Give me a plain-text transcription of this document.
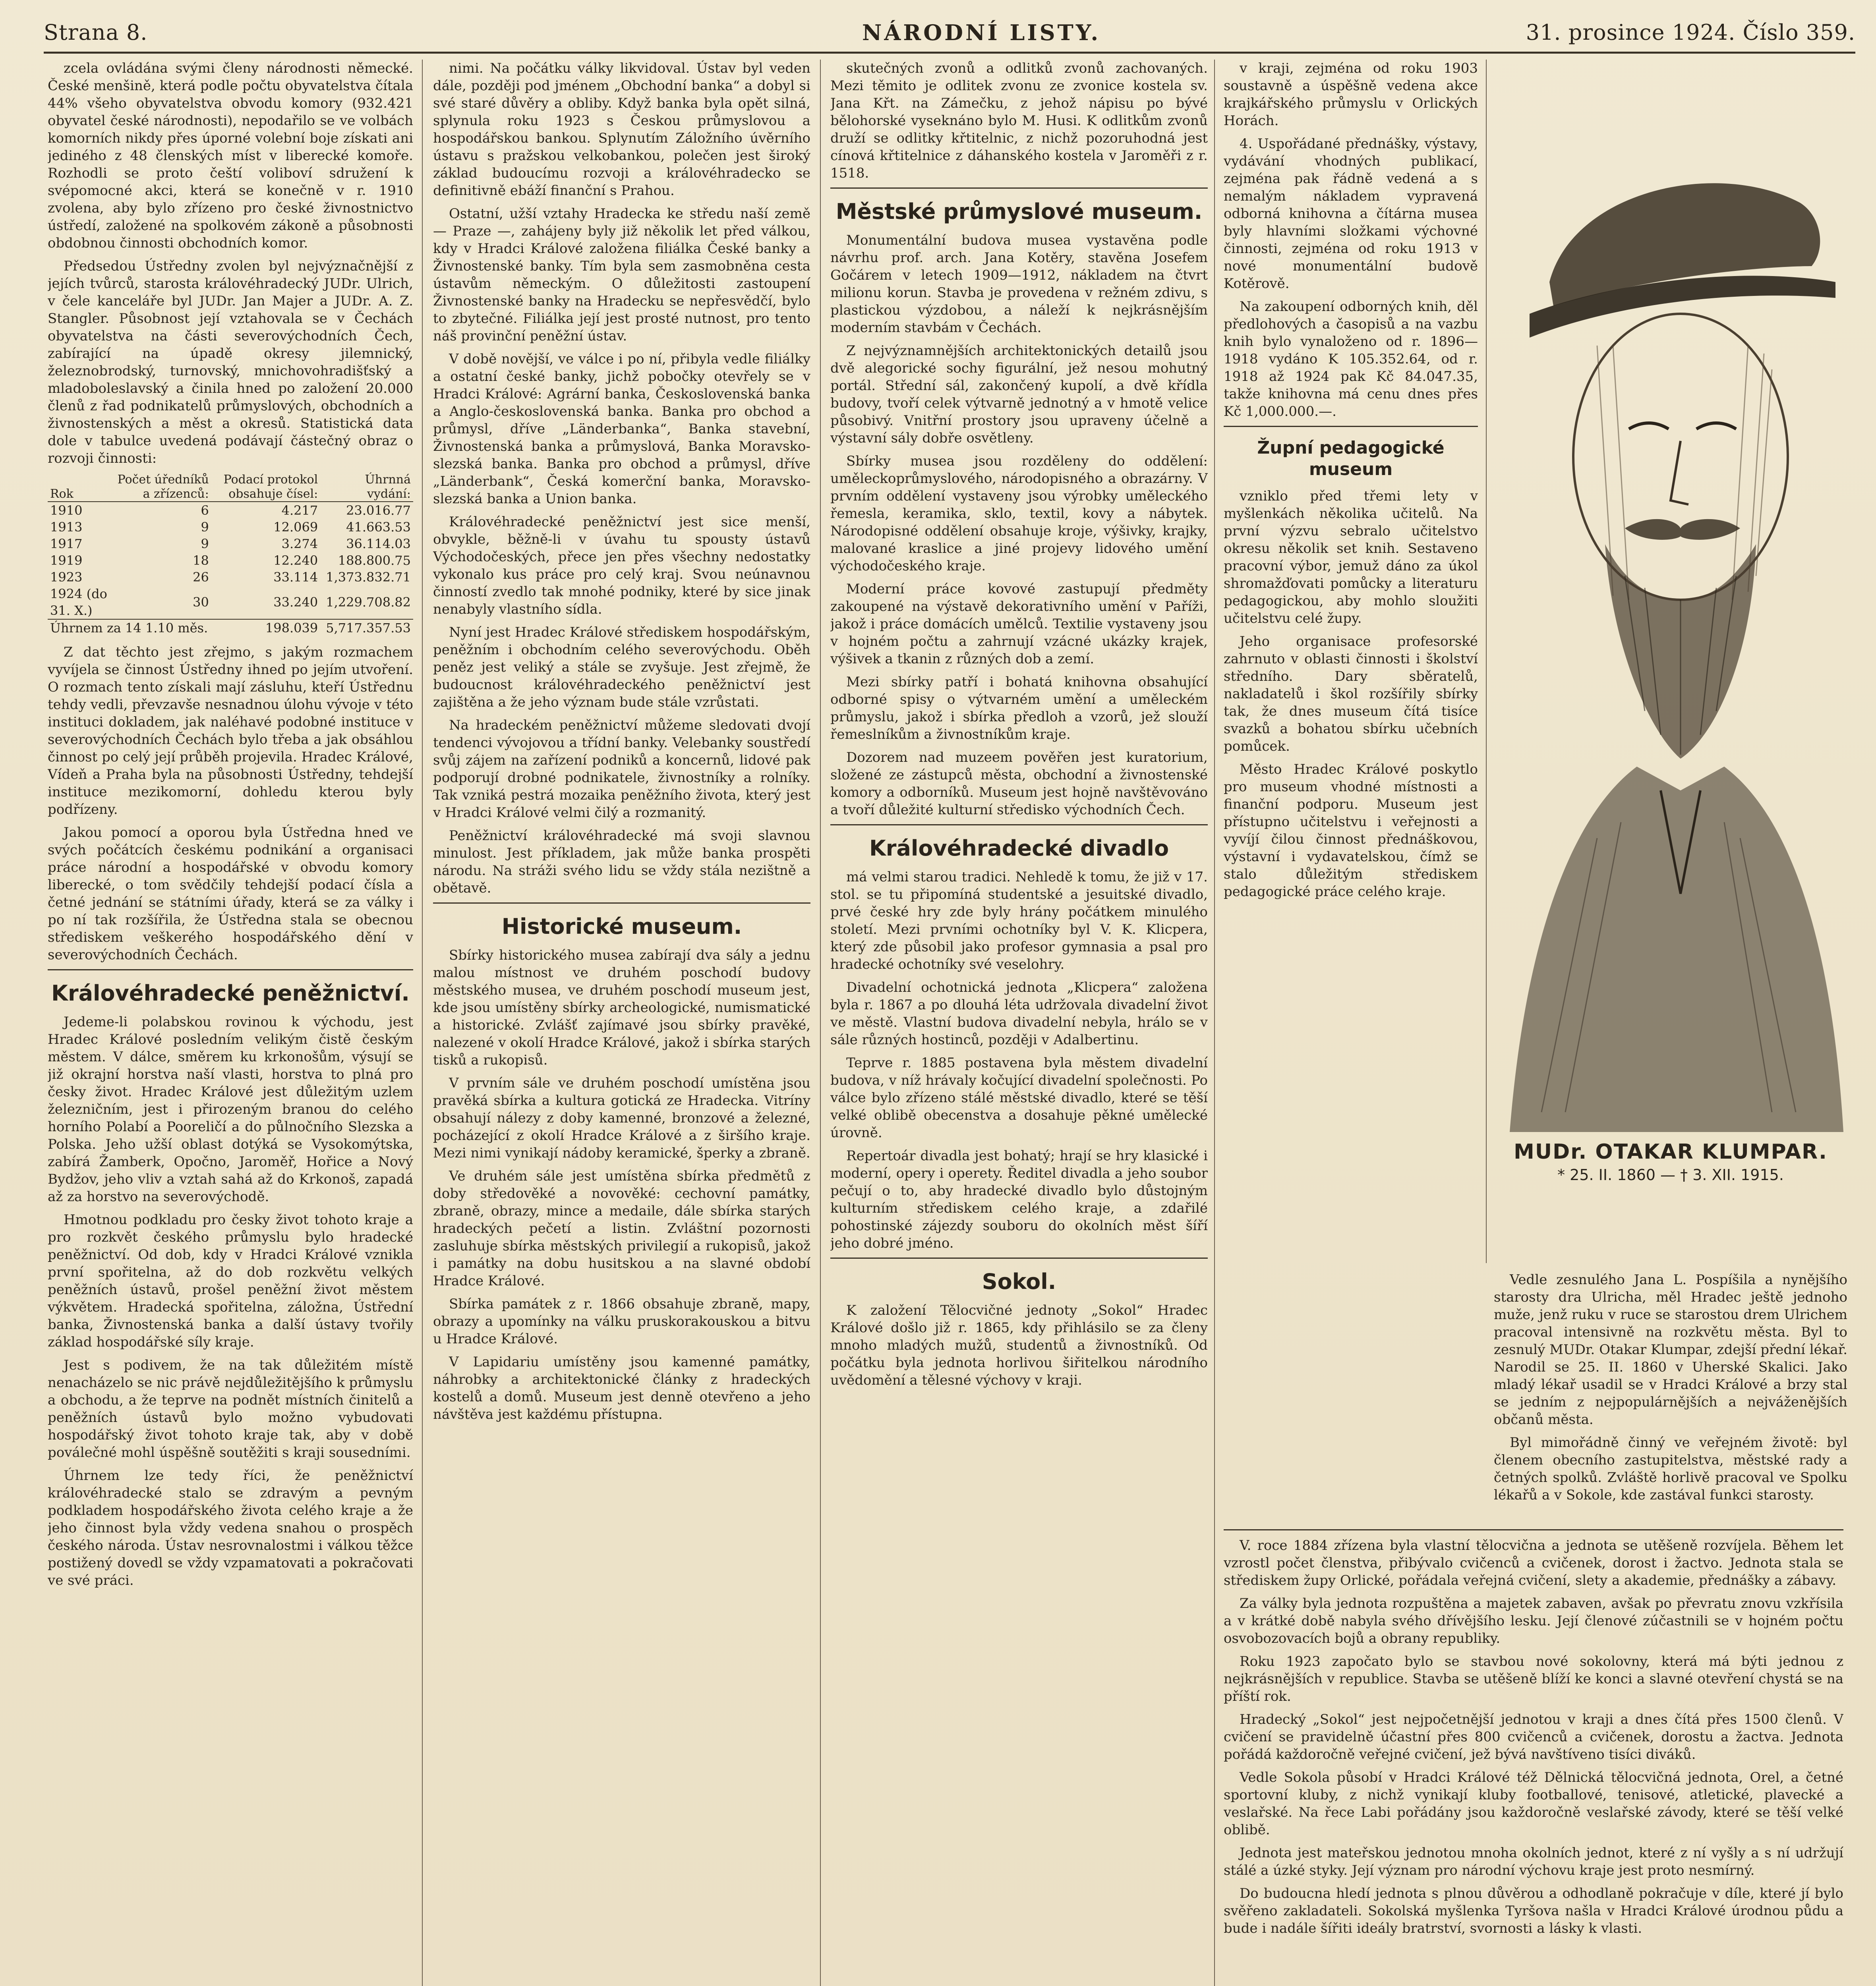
Strana 8.	NÁRODNÍ LISTY.	31. prosince 1924. Číslo 359.

zcela ovládána svými členy národnosti německé. České menšině, která podle počtu obyvatelstva čítala 44% všeho obyvatelstva obvodu komory (932.421 obyvatel české národnosti), nepodařilo se ve volbách komorních nikdy přes úporné volební boje získati ani jediného z 48 členských míst v liberecké komoře. Rozhodli se proto čeští voliboví sdružení k svépomocné akci, která se konečně v r. 1910 zvolena, aby bylo zřízeno pro české živnostnictvo ústředí, založené na spolkovém zákoně a působnosti obdobnou činnosti obchodních komor.

Předsedou Ústředny zvolen byl nejvýznačnější z jejích tvůrců, starosta královéhradecký JUDr. Ulrich, v čele kanceláře byl JUDr. Jan Majer a JUDr. A. Z. Stangler. Působnost její vztahovala se v Čechách obyvatelstva na části severovýchodních Čech, zabírající na úpadě okresy jilemnický, železnobrodský, turnovský, mnichovohradišťský a mladoboleslavský a činila hned po založení 20.000 členů z řad podnikatelů průmyslových, obchodních a živnostenských a měst a okresů. Statistická data dole v tabulce uvedená podávají částečný obraz o rozvoji činnosti:

Rok	Počet úředníků a zřízenců:	Podací protokol obsahuje čísel:	Úhrnná vydání:
1910	6	4.217	23.016.77
1913	9	12.069	41.663.53
1917	9	3.274	36.114.03
1919	18	12.240	188.800.75
1923	26	33.114	1,373.832.71
1924 (do 31. X.)	30	33.240	1,229.708.82
Úhrnem za 14 1.10 měs.		198.039	5,717.357.53

Z dat těchto jest zřejmo, s jakým rozmachem vyvíjela se činnost Ústředny ihned po jejím utvoření. O rozmach tento získali mají zásluhu, kteří Ústřednu tehdy vedli, převzavše nesnadnou úlohu vývoje v této instituci dokladem, jak naléhavé podobné instituce v severovýchodních Čechách bylo třeba a jak obsáhlou činnost po celý její průběh projevila. Hradec Králové, Vídeň a Praha byla na působnosti Ústředny, tehdejší instituce mezikomorní, dohledu kterou byly podřízeny.

Jakou pomocí a oporou byla Ústředna hned ve svých počátcích českému podnikání a organisaci práce národní a hospodářské v obvodu komory liberecké, o tom svědčily tehdejší podací čísla a četné jednání se státními úřady, která se za války i po ní tak rozšířila, že Ústředna stala se obecnou střediskem veškerého hospodářského dění v severovýchodních Čechách.

Královéhradecké peněžnictví.

Jedeme-li polabskou rovinou k východu, jest Hradec Králové posledním velikým čistě českým městem. V dálce, směrem ku krkonošům, výsují se již okrajní horstva naší vlasti, horstva to plná pro česky život. Hradec Králové jest důležitým uzlem železničním, jest i přirozeným branou do celého horního Polabí a Pooreličí a do půlnočního Slezska a Polska. Jeho užší oblast dotýká se Vysokomýtska, zabírá Žamberk, Opočno, Jaroměř, Hořice a Nový Bydžov, jeho vliv a vztah sahá až do Krkonoš, zapadá až za horstvo na severovýchodě.

Hmotnou podkladu pro česky život tohoto kraje a pro rozkvět českého průmyslu bylo hradecké peněžnictví. Od dob, kdy v Hradci Králové vznikla první spořitelna, až do dob rozkvětu velkých peněžních ústavů, prošel peněžní život městem výkvětem. Hradecká spořitelna, záložna, Ústřední banka, Živnostenská banka a další ústavy tvořily základ hospodářské síly kraje.

Jest s podivem, že na tak důležitém místě nenacházelo se nic právě nejdůležitějšího k průmyslu a obchodu, a že teprve na podnět místních činitelů a peněžních ústavů bylo možno vybudovati hospodářský život tohoto kraje tak, aby v době poválečné mohl úspěšně soutěžiti s kraji sousedními.

Úhrnem lze tedy říci, že peněžnictví královéhradecké stalo se zdravým a pevným podkladem hospodářského života celého kraje a že jeho činnost byla vždy vedena snahou o prospěch českého národa. Ústav nesrovnalostmi i válkou těžce postižený dovedl se vždy vzpamatovati a pokračovati ve své práci.

nimi. Na počátku války likvidoval. Ústav byl veden dále, později pod jménem „Obchodní banka“ a dobyl si své staré důvěry a obliby. Když banka byla opět silná, splynula roku 1923 s Českou průmyslovou a hospodářskou bankou. Splynutím Záložního úvěrního ústavu s pražskou velkobankou, polečen jest široký základ budoucímu rozvoji a královéhradecko se definitivně ebáží finanční s Prahou.

Ostatní, užší vztahy Hradecka ke středu naší země — Praze —, zahájeny byly již několik let před válkou, kdy v Hradci Králové založena filiálka České banky a Živnostenské banky. Tím byla sem zasmobněna cesta ústavům německým. O důležitosti zastoupení Živnostenské banky na Hradecku se nepřesvědčí, bylo to zbytečné. Filiálka její jest prosté nutnost, pro tento náš provinční peněžní ústav.

V době novější, ve válce i po ní, přibyla vedle filiálky a ostatní české banky, jichž pobočky otevřely se v Hradci Králové: Agrární banka, Československá banka a Anglo-československá banka. Banka pro obchod a průmysl, dříve „Länderbanka“, Banka stavební, Živnostenská banka a průmyslová, Banka Moravsko-slezská banka. Banka pro obchod a průmysl, dříve „Länderbank“, Česká komerční banka, Moravsko-slezská banka a Union banka.

Královéhradecké peněžnictví jest sice menší, obvykle, běžně-li v úvahu tu spousty ústavů Východočeských, přece jen přes všechny nedostatky vykonalo kus práce pro celý kraj. Svou neúnavnou činností zvedlo tak mnohé podniky, které by sice jinak nenabyly vlastního sídla.

Nyní jest Hradec Králové střediskem hospodářským, peněžním i obchodním celého severovýchodu. Oběh peněz jest veliký a stále se zvyšuje. Jest zřejmě, že budoucnost královéhradeckého peněžnictví jest zajištěna a že jeho význam bude stále vzrůstati.

Na hradeckém peněžnictví můžeme sledovati dvojí tendenci vývojovou a třídní banky. Velebanky soustředí svůj zájem na zařízení podniků a koncernů, lidové pak podporují drobné podnikatele, živnostníky a rolníky. Tak vzniká pestrá mozaika peněžního života, který jest v Hradci Králové velmi čilý a rozmanitý.

Peněžnictví královéhradecké má svoji slavnou minulost. Jest příkladem, jak může banka prospěti národu. Na stráži svého lidu se vždy stála nezištně a obětavě.

Historické museum.

Sbírky historického musea zabírají dva sály a jednu malou místnost ve druhém poschodí budovy městského musea, ve druhém poschodí museum jest, kde jsou umístěny sbírky archeologické, numismatické a historické. Zvlášť zajímavé jsou sbírky pravěké, nalezené v okolí Hradce Králové, jakož i sbírka starých tisků a rukopisů.

V prvním sále ve druhém poschodí umístěna jsou pravěká sbírka a kultura gotická ze Hradecka. Vitríny obsahují nálezy z doby kamenné, bronzové a železné, pocházející z okolí Hradce Králové a z širšího kraje. Mezi nimi vynikají nádoby keramické, šperky a zbraně.

Ve druhém sále jest umístěna sbírka předmětů z doby středověké a novověké: cechovní památky, zbraně, obrazy, mince a medaile, dále sbírka starých hradeckých pečetí a listin. Zvláštní pozornosti zasluhuje sbírka městských privilegií a rukopisů, jakož i památky na dobu husitskou a na slavné období Hradce Králové.

Sbírka památek z r. 1866 obsahuje zbraně, mapy, obrazy a upomínky na válku pruskorakouskou a bitvu u Hradce Králové.

V Lapidariu umístěny jsou kamenné památky, náhrobky a architektonické články z hradeckých kostelů a domů. Museum jest denně otevřeno a jeho návštěva jest každému přístupna.

skutečných zvonů a odlitků zvonů zachovaných. Mezi těmito je odlitek zvonu ze zvonice kostela sv. Jana Křt. na Zámečku, z jehož nápisu po bývé bělohorské vyseknáno bylo M. Husi. K odlitkům zvonů druží se odlitky křtitelnic, z nichž pozoruhodná jest cínová křtitelnice z dáhanského kostela v Jaroměři z r. 1518.

Městské průmyslové museum.

Monumentální budova musea vystavěna podle návrhu prof. arch. Jana Kotěry, stavěna Josefem Gočárem v letech 1909—1912, nákladem na čtvrt milionu korun. Stavba je provedena v režném zdivu, s plastickou výzdobou, a náleží k nejkrásnějším moderním stavbám v Čechách.

Z nejvýznamnějších architektonických detailů jsou dvě alegorické sochy figurální, jež nesou mohutný portál. Střední sál, zakončený kupolí, a dvě křídla budovy, tvoří celek výtvarně jednotný a v hmotě velice působivý. Vnitřní prostory jsou upraveny účelně a výstavní sály dobře osvětleny.

Sbírky musea jsou rozděleny do oddělení: uměleckoprůmyslového, národopisného a obrazárny. V prvním oddělení vystaveny jsou výrobky uměleckého řemesla, keramika, sklo, textil, kovy a nábytek. Národopisné oddělení obsahuje kroje, výšivky, krajky, malované kraslice a jiné projevy lidového umění východočeského kraje.

Moderní práce kovové zastupují předměty zakoupené na výstavě dekorativního umění v Paříži, jakož i práce domácích umělců. Textilie vystaveny jsou v hojném počtu a zahrnují vzácné ukázky krajek, výšivek a tkanin z různých dob a zemí.

Mezi sbírky patří i bohatá knihovna obsahující odborné spisy o výtvarném umění a uměleckém průmyslu, jakož i sbírka předloh a vzorů, jež slouží řemeslníkům a živnostníkům kraje.

Dozorem nad muzeem pověřen jest kuratorium, složené ze zástupců města, obchodní a živnostenské komory a odborníků. Museum jest hojně navštěvováno a tvoří důležité kulturní středisko východních Čech.

Královéhradecké divadlo

má velmi starou tradici. Nehledě k tomu, že již v 17. stol. se tu připomíná studentské a jesuitské divadlo, prvé české hry zde byly hrány počátkem minulého století. Mezi prvními ochotníky byl V. K. Klicpera, který zde působil jako profesor gymnasia a psal pro hradecké ochotníky své veselohry.

Divadelní ochotnická jednota „Klicpera“ založena byla r. 1867 a po dlouhá léta udržovala divadelní život ve městě. Vlastní budova divadelní nebyla, hrálo se v sále různých hostinců, později v Adalbertinu.

Teprve r. 1885 postavena byla městem divadelní budova, v níž hrávaly kočující divadelní společnosti. Po válce bylo zřízeno stálé městské divadlo, které se těší velké oblibě obecenstva a dosahuje pěkné umělecké úrovně.

Repertoár divadla jest bohatý; hrají se hry klasické i moderní, opery i operety. Ředitel divadla a jeho soubor pečují o to, aby hradecké divadlo bylo důstojným kulturním střediskem celého kraje, a zdařilé pohostinské zájezdy souboru do okolních měst šíří jeho dobré jméno.

Sokol.

K založení Tělocvičné jednoty „Sokol“ Hradec Králové došlo již r. 1865, kdy přihlásilo se za členy mnoho mladých mužů, studentů a živnostníků. Od počátku byla jednota horlivou šiřitelkou národního uvědomění a tělesné výchovy v kraji.

v kraji, zejména od roku 1903 soustavně a úspěšně vedena akce krajkářského průmyslu v Orlických Horách.

4. Uspořádané přednášky, výstavy, vydávání vhodných publikací, zejména pak řádně vedená a s nemalým nákladem vypravená odborná knihovna a čítárna musea byly hlavními složkami výchovné činnosti, zejména od roku 1913 v nové monumentální budově Kotěrově.

Na zakoupení odborných knih, děl předlohových a časopisů a na vazbu knih bylo vynaloženo od r. 1896—1918 vydáno K 105.352.64, od r. 1918 až 1924 pak Kč 84.047.35, takže knihovna má cenu dnes přes Kč 1,000.000.—.

Župní pedagogické museum

vzniklo před třemi lety v myšlenkách několika učitelů. Na první výzvu sebralo učitelstvo okresu několik set knih. Sestaveno pracovní výbor, jemuž dáno za úkol shromažďovati pomůcky a literaturu pedagogickou, aby mohlo sloužiti učitelstvu celé župy.

Jeho organisace profesorské zahrnuto v oblasti činnosti i školství středního. Dary sběratelů, nakladatelů i škol rozšířily sbírky tak, že dnes museum čítá tisíce svazků a bohatou sbírku učebních pomůcek.

Město Hradec Králové poskytlo pro museum vhodné místnosti a finanční podporu. Museum jest přístupno učitelstvu i veřejnosti a vyvíjí čilou činnost přednáškovou, výstavní i vydavatelskou, čímž se stalo důležitým střediskem pedagogické práce celého kraje.

MUDr. OTAKAR KLUMPAR.
* 25. II. 1860 — † 3. XII. 1915.

Vedle zesnulého Jana L. Pospíšila a nynějšího starosty dra Ulricha, měl Hradec ještě jednoho muže, jenž ruku v ruce se starostou drem Ulrichem pracoval intensivně na rozkvětu města. Byl to zesnulý MUDr. Otakar Klumpar, zdejší přední lékař. Narodil se 25. II. 1860 v Uherské Skalici. Jako mladý lékař usadil se v Hradci Králové a brzy stal se jedním z nejpopulárnějších a nejváženějších občanů města.

Byl mimořádně činný ve veřejném životě: byl členem obecního zastupitelstva, městské rady a četných spolků. Zvláště horlivě pracoval ve Spolku lékařů a v Sokole, kde zastával funkci starosty.

V. roce 1884 zřízena byla vlastní tělocvična a jednota se utěšeně rozvíjela. Během let vzrostl počet členstva, přibývalo cvičenců a cvičenek, dorost i žactvo. Jednota stala se střediskem župy Orlické, pořádala veřejná cvičení, slety a akademie, přednášky a zábavy.

Za války byla jednota rozpuštěna a majetek zabaven, avšak po převratu znovu vzkřísila a v krátké době nabyla svého dřívějšího lesku. Její členové zúčastnili se v hojném počtu osvobozovacích bojů a obrany republiky.

Roku 1923 započato bylo se stavbou nové sokolovny, která má býti jednou z nejkrásnějších v republice. Stavba se utěšeně blíží ke konci a slavné otevření chystá se na příští rok.

Hradecký „Sokol“ jest nejpočetnější jednotou v kraji a dnes čítá přes 1500 členů. V cvičení se pravidelně účastní přes 800 cvičenců a cvičenek, dorostu a žactva. Jednota pořádá každoročně veřejné cvičení, jež bývá navštíveno tisíci diváků.

Vedle Sokola působí v Hradci Králové též Dělnická tělocvičná jednota, Orel, a četné sportovní kluby, z nichž vynikají kluby footballové, tenisové, atletické, plavecké a veslařské. Na řece Labi pořádány jsou každoročně veslařské závody, které se těší velké oblibě.

Jednota jest mateřskou jednotou mnoha okolních jednot, které z ní vyšly a s ní udržují stálé a úzké styky. Její význam pro národní výchovu kraje jest proto nesmírný.

Do budoucna hledí jednota s plnou důvěrou a odhodlaně pokračuje v díle, které jí bylo svěřeno zakladateli. Sokolská myšlenka Tyršova našla v Hradci Králové úrodnou půdu a bude i nadále šířiti ideály bratrství, svornosti a lásky k vlasti.
